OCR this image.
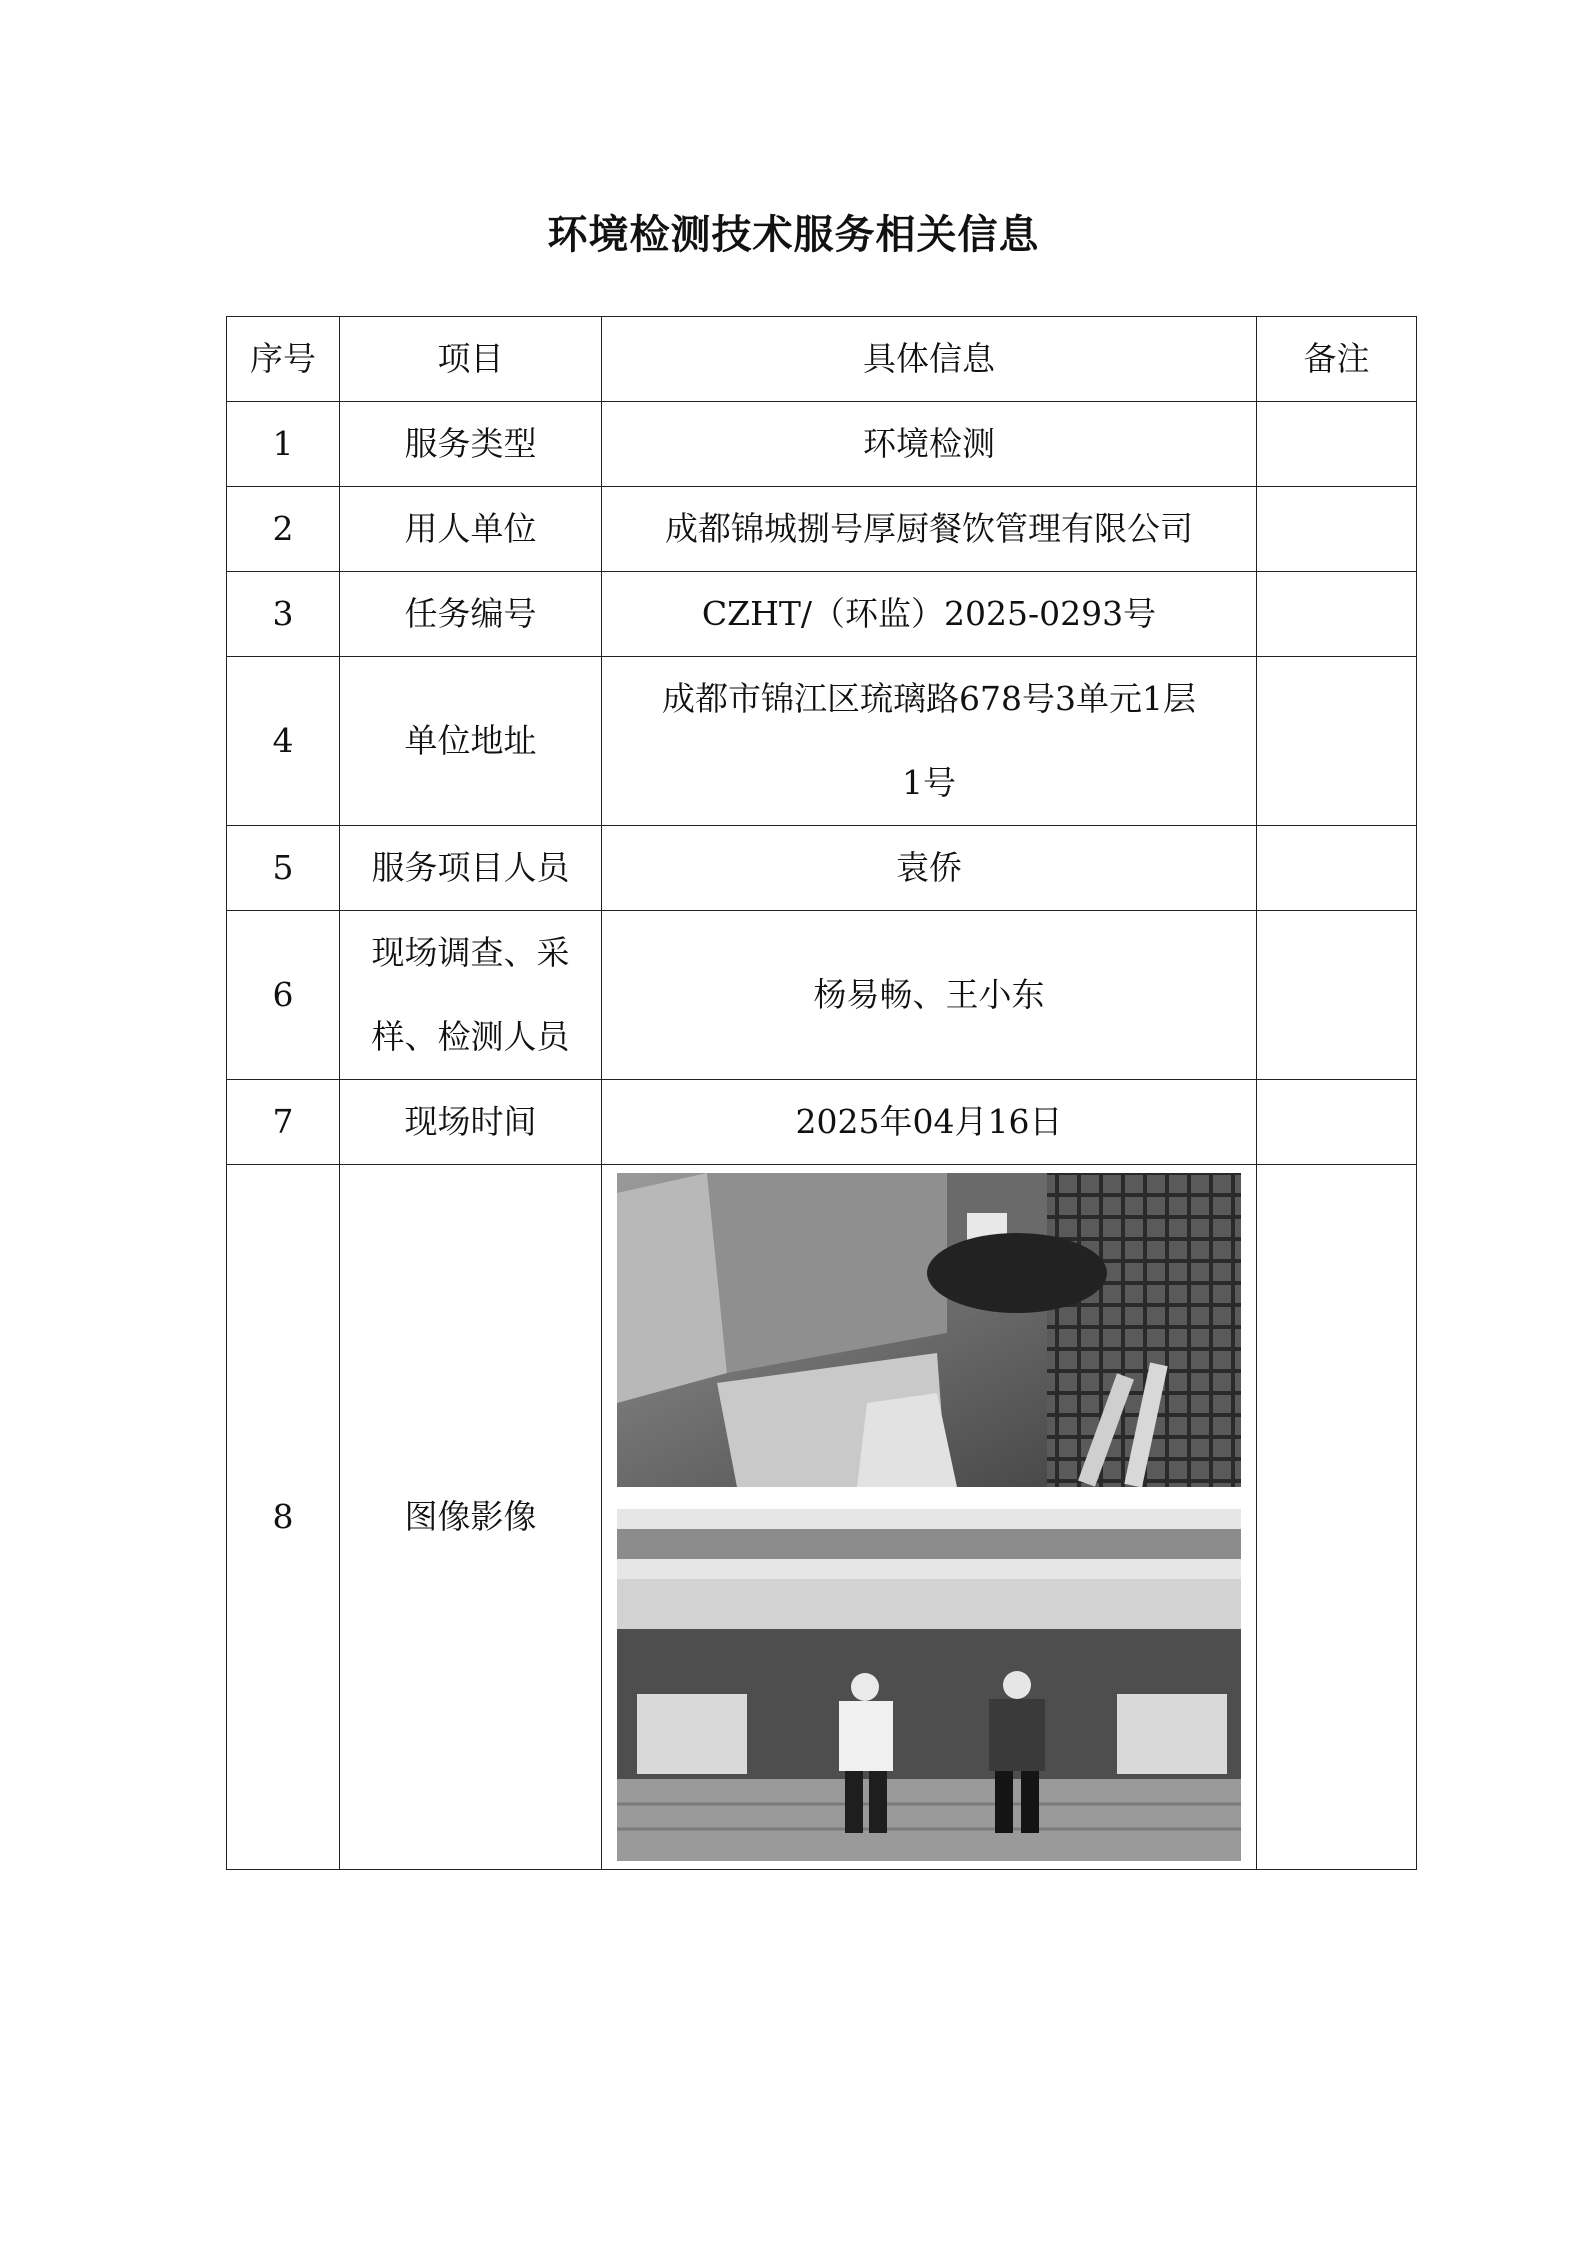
环境检测技术服务相关信息
序号	项目	具体信息	备注
1	服务类型	环境检测	
2	用人单位	成都锦城捌号厚厨餐饮管理有限公司	
3	任务编号	CZHT/（环监）2025-0293号	
4	单位地址	成都市锦江区琉璃路678号3单元1层
1号	

5	服务项目人员	袁侨	
6	现场调查、采
样、检测人员	杨易畅、王小东	
7	现场时间	2025年04月16日	
8	图像影像	
